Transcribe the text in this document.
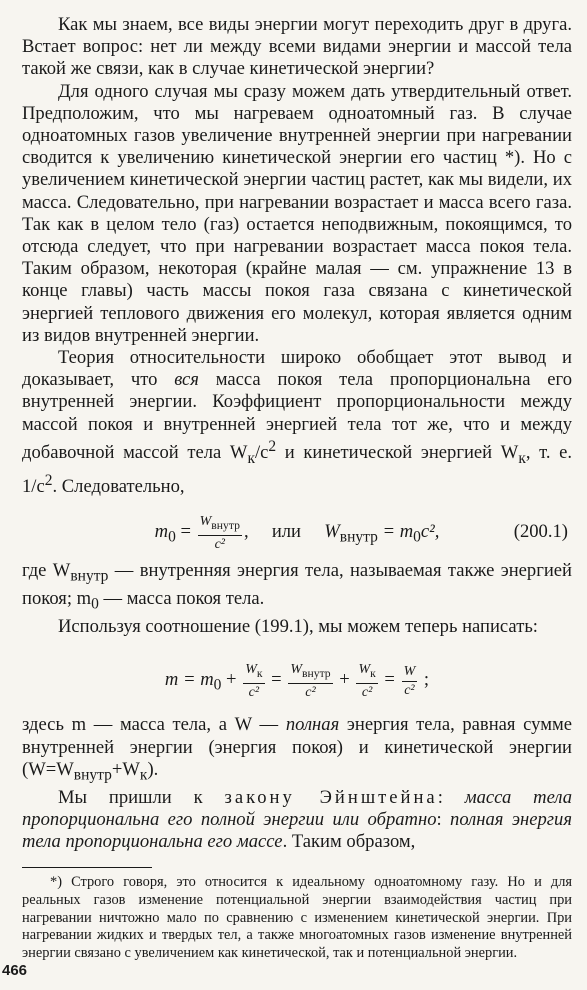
Как мы знаем, все виды энергии могут переходить друг в друга. Встает вопрос: нет ли между всеми видами энергии и массой тела такой же связи, как в случае кинетической энергии?

Для одного случая мы сразу можем дать утвердительный ответ. Предположим, что мы нагреваем одноатомный газ. В случае одноатомных газов увеличение внутренней энергии при нагревании сводится к увеличению кинетической энергии его частиц *). Но с увеличением кинетической энергии частиц растет, как мы видели, их масса. Следовательно, при нагревании возрастает и масса всего газа. Так как в целом тело (газ) остается неподвижным, покоящимся, то отсюда следует, что при нагревании возрастает масса покоя тела. Таким образом, некоторая (крайне малая — см. упражнение 13 в конце главы) часть массы покоя газа связана с кинетической энергией теплового движения его молекул, которая является одним из видов внутренней энергии.

Теория относительности широко обобщает этот вывод и доказывает, что вся масса покоя тела пропорциональна его внутренней энергии. Коэффициент пропорциональности между массой покоя и внутренней энергией тела тот же, что и между добавочной массой тела $W_к/c^2$ и кинетической энергией $W_к$, т. е. $1/c^2$. Следовательно,

$m_0 = \frac{W_{внутр}}{\text{c²}}$ ,     или     $W_{внутр} = m_0c^2$,	(200.1)

где $W_{внутр}$ — внутренняя энергия тела, называемая также энергией покоя; $m_0$ — масса покоя тела.

Используя соотношение (199.1), мы можем теперь написать:

$m = m_0 + \frac{W_к}{\text{c²}} = \frac{W_{внутр}}{\text{c²}} + \frac{W_к}{\text{c²}} = \frac{W}{\text{c²}}$ ;

здесь m — масса тела, а W — полная энергия тела, равная сумме внутренней энергии (энергия покоя) и кинетической энергии $(W=W_{внутр}+W_к)$.

Мы пришли к закону Эйнштейна: масса тела пропорциональна его полной энергии или обратно: полная энергия тела пропорциональна его массе. Таким образом,

*) Строго говоря, это относится к идеальному одноатомному газу. Но и для реальных газов изменение потенциальной энергии взаимодействия частиц при нагревании ничтожно мало по сравнению с изменением кинетической энергии. При нагревании жидких и твердых тел, а также многоатомных газов изменение внутренней энергии связано с увеличением как кинетической, так и потенциальной энергии.

466
